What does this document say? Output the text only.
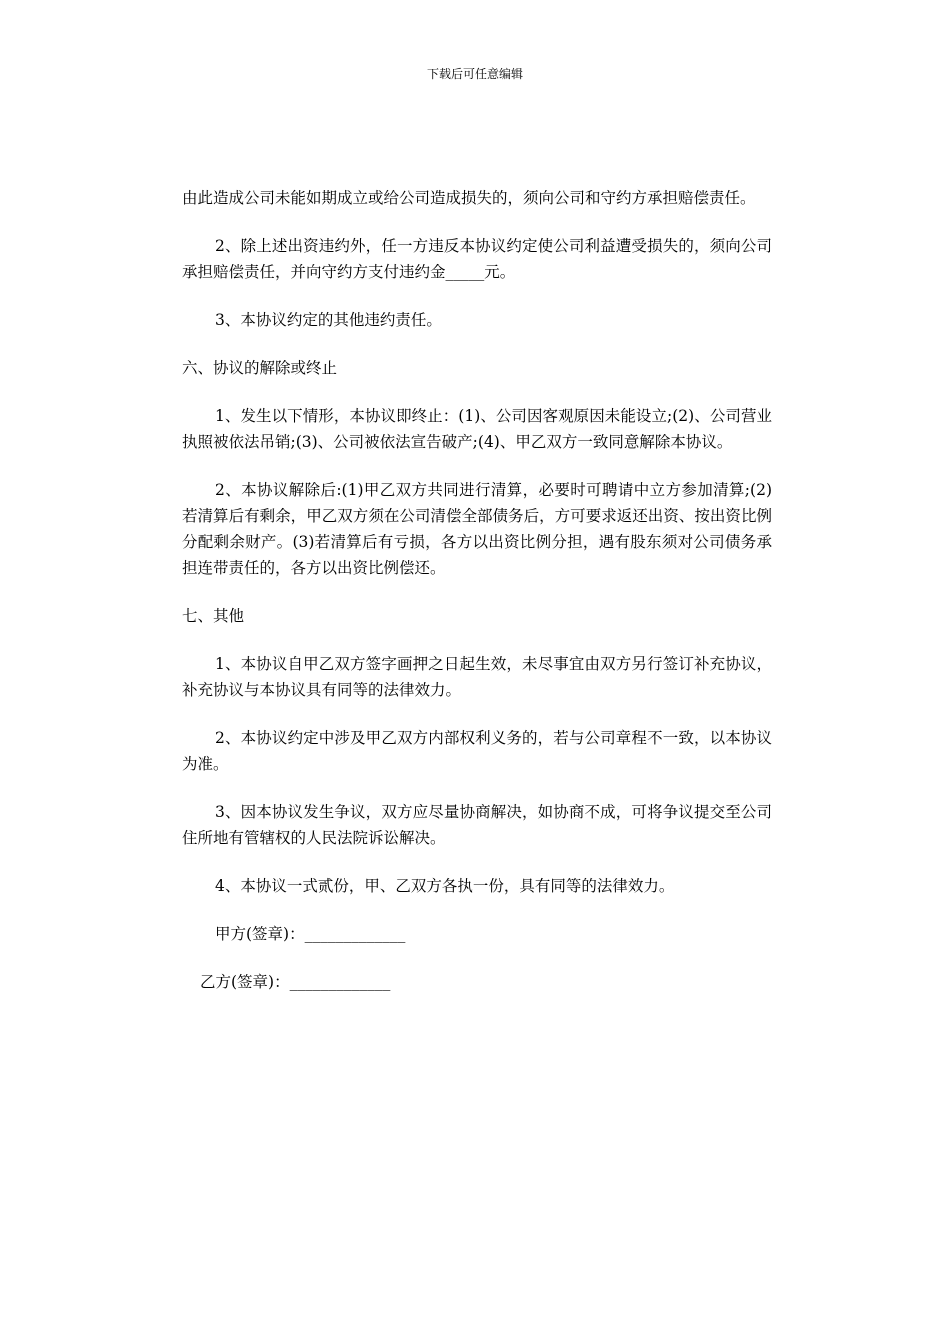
下载后可任意编辑

由此造成公司未能如期成立或给公司造成损失的，须向公司和守约方承担赔偿责任。

2、除上述出资违约外，任一方违反本协议约定使公司利益遭受损失的，须向公司承担赔偿责任，并向守约方支付违约金_____元。

3、本协议约定的其他违约责任。

六、协议的解除或终止

1、发生以下情形，本协议即终止：(1)、公司因客观原因未能设立;(2)、公司营业执照被依法吊销;(3)、公司被依法宣告破产;(4)、甲乙双方一致同意解除本协议。

2、本协议解除后:(1)甲乙双方共同进行清算，必要时可聘请中立方参加清算;(2)若清算后有剩余，甲乙双方须在公司清偿全部债务后，方可要求返还出资、按出资比例分配剩余财产。(3)若清算后有亏损，各方以出资比例分担，遇有股东须对公司债务承担连带责任的，各方以出资比例偿还。

七、其他

1、本协议自甲乙双方签字画押之日起生效，未尽事宜由双方另行签订补充协议，补充协议与本协议具有同等的法律效力。

2、本协议约定中涉及甲乙双方内部权利义务的，若与公司章程不一致，以本协议为准。

3、因本协议发生争议，双方应尽量协商解决，如协商不成，可将争议提交至公司住所地有管辖权的人民法院诉讼解决。

4、本协议一式贰份，甲、乙双方各执一份，具有同等的法律效力。

甲方(签章)：_____________
乙方(签章)：_____________
